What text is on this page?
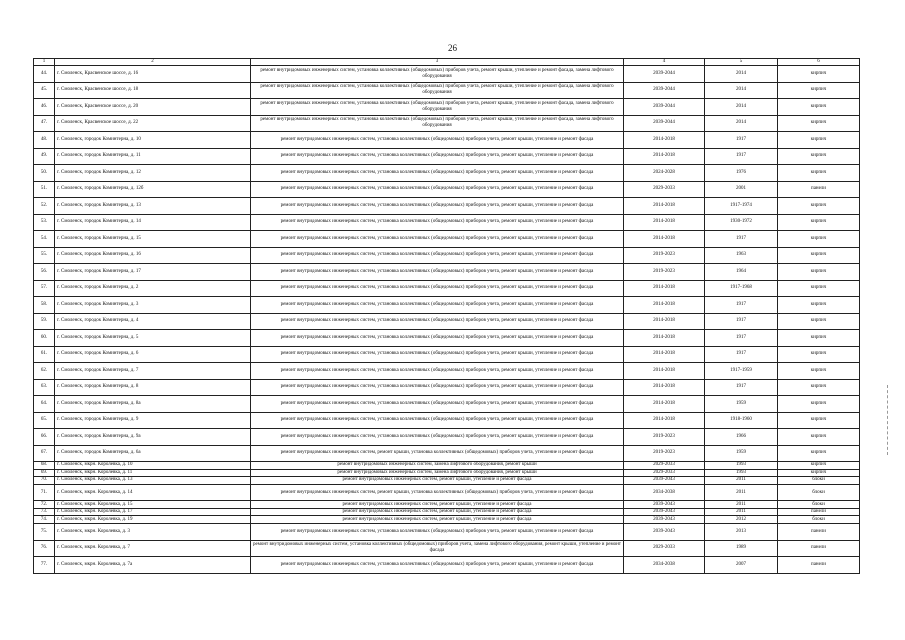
26
1	2	3	4	5	6
44.	г. Смоленск, Красвенское шоссе, д. 16	ремонт внутридомовых инженерных систем, установка коллективных (общедомовых) приборов учета, ремонт крыши, утепление и ремонт фасада, замена лифтового оборудования	2039-2044	2014	кирпич
45.	г. Смоленск, Красвенское шоссе, д. 18	ремонт внутридомовых инженерных систем, установка коллективных (общедомовых) приборов учета, ремонт крыши, утепление и ремонт фасада, замена лифтового оборудования	2039-2044	2014	кирпич
46.	г. Смоленск, Красвенское шоссе, д. 20	ремонт внутридомовых инженерных систем, установка коллективных (общедомовых) приборов учета, ремонт крыши, утепление и ремонт фасада, замена лифтового оборудования	2039-2044	2014	кирпич
47.	г. Смоленск, Красвенское шоссе, д. 22	ремонт внутридомовых инженерных систем, установка коллективных (общедомовых) приборов учета, ремонт крыши, утепление и ремонт фасада, замена лифтового оборудования	2039-2044	2014	кирпич
48.	г. Смоленск, городок Коминтерна, д. 10	ремонт внутридомовых инженерных систем, установка коллективных (общедомовых) приборов учета, ремонт крыши, утепление и ремонт фасада	2014-2018	1917	кирпич
49.	г. Смоленск, городок Коминтерна, д. 11	ремонт внутридомовых инженерных систем, установка коллективных (общедомовых) приборов учета, ремонт крыши, утепление и ремонт фасада	2014-2018	1917	кирпич
50.	г. Смоленск, городок Коминтерна, д. 12	ремонт внутридомовых инженерных систем, установка коллективных (общедомовых) приборов учета, ремонт крыши, утепление и ремонт фасада	2024-2028	1976	кирпич
51.	г. Смоленск, городок Коминтерна, д. 12б	ремонт внутридомовых инженерных систем, установка коллективных (общедомовых) приборов учета, ремонт крыши, утепление и ремонт фасада	2029-2033	2001	панели
52.	г. Смоленск, городок Коминтерна, д. 13	ремонт внутридомовых инженерных систем, установка коллективных (общедомовых) приборов учета, ремонт крыши, утепление и ремонт фасада	2014-2018	1917-1974	кирпич
53.	г. Смоленск, городок Коминтерна, д. 14	ремонт внутридомовых инженерных систем, установка коллективных (общедомовых) приборов учета, ремонт крыши, утепление и ремонт фасада	2014-2018	1930-1972	кирпич
54.	г. Смоленск, городок Коминтерна, д. 15	ремонт внутридомовых инженерных систем, установка коллективных (общедомовых) приборов учета, ремонт крыши, утепление и ремонт фасада	2014-2018	1917	кирпич
55.	г. Смоленск, городок Коминтерна, д. 16	ремонт внутридомовых инженерных систем, установка коллективных (общедомовых) приборов учета, ремонт крыши, утепление и ремонт фасада	2019-2023	1963	кирпич
56.	г. Смоленск, городок Коминтерна, д. 17	ремонт внутридомовых инженерных систем, установка коллективных (общедомовых) приборов учета, ремонт крыши, утепление и ремонт фасада	2019-2023	1964	кирпич
57.	г. Смоленск, городок Коминтерна, д. 2	ремонт внутридомовых инженерных систем, установка коллективных (общедомовых) приборов учета, ремонт крыши, утепление и ремонт фасада	2014-2018	1917-1968	кирпич
58.	г. Смоленск, городок Коминтерна, д. 3	ремонт внутридомовых инженерных систем, установка коллективных (общедомовых) приборов учета, ремонт крыши, утепление и ремонт фасада	2014-2018	1917	кирпич
59.	г. Смоленск, городок Коминтерна, д. 4	ремонт внутридомовых инженерных систем, установка коллективных (общедомовых) приборов учета, ремонт крыши, утепление и ремонт фасада	2014-2018	1917	кирпич
60.	г. Смоленск, городок Коминтерна, д. 5	ремонт внутридомовых инженерных систем, установка коллективных (общедомовых) приборов учета, ремонт крыши, утепление и ремонт фасада	2014-2018	1917	кирпич
61.	г. Смоленск, городок Коминтерна, д. 6	ремонт внутридомовых инженерных систем, установка коллективных (общедомовых) приборов учета, ремонт крыши, утепление и ремонт фасада	2014-2018	1917	кирпич
62.	г. Смоленск, городок Коминтерна, д. 7	ремонт внутридомовых инженерных систем, установка коллективных (общедомовых) приборов учета, ремонт крыши, утепление и ремонт фасада	2014-2018	1917-1959	кирпич
63.	г. Смоленск, городок Коминтерна, д. 8	ремонт внутридомовых инженерных систем, установка коллективных (общедомовых) приборов учета, ремонт крыши, утепление и ремонт фасада	2014-2018	1917	кирпич
64.	г. Смоленск, городок Коминтерна, д. 8а	ремонт внутридомовых инженерных систем, установка коллективных (общедомовых) приборов учета, ремонт крыши, утепление и ремонт фасада	2014-2018	1959	кирпич
65.	г. Смоленск, городок Коминтерна, д. 9	ремонт внутридомовых инженерных систем, установка коллективных (общедомовых) приборов учета, ремонт крыши, утепление и ремонт фасада	2014-2018	1918-1960	кирпич
66.	г. Смоленск, городок Коминтерна, д. 9а	ремонт внутридомовых инженерных систем, установка коллективных (общедомовых) приборов учета, ремонт крыши, утепление и ремонт фасада	2019-2023	1966	кирпич
67.	г. Смоленск, городок Коминтерна, д. 6а	ремонт внутридомовых инженерных систем, ремонт крыши, установка коллективных (общедомовых) приборов учета, утепление и ремонт фасада	2019-2023	1959	кирпич
68.	г. Смоленск, мкрн. Королевка, д. 10	ремонт внутридомовых инженерных систем, замена лифтового оборудования, ремонт крыши	2029-2033	1993	кирпич
69.	г. Смоленск, мкрн. Королевка, д. 11	ремонт внутридомовых инженерных систем, замена лифтового оборудования, ремонт крыши	2029-2033	1993	кирпич
70.	г. Смоленск, мкрн. Королевка, д. 13	ремонт внутридомовых инженерных систем, ремонт крыши, утепление и ремонт фасада	2039-2043	2011	блоки
71.	г. Смоленск, мкрн. Королевка, д. 14	ремонт внутридомовых инженерных систем, ремонт крыши, установка коллективных (общедомовых) приборов учета, утепление и ремонт фасада	2034-2038	2011	блоки
72.	г. Смоленск, мкрн. Королевка, д. 15	ремонт внутридомовых инженерных систем, ремонт крыши, утепление и ремонт фасада	2039-2043	2011	блоки
73.	г. Смоленск, мкрн. Королевка, д. 17	ремонт внутридомовых инженерных систем, ремонт крыши, утепление и ремонт фасада	2039-2043	2011	панели
74.	г. Смоленск, мкрн. Королевка, д. 19	ремонт внутридомовых инженерных систем, ремонт крыши, утепление и ремонт фасада	2039-2043	2012	блоки
75.	г. Смоленск, мкрн. Королевка, д. 3	ремонт внутридомовых инженерных систем, установка коллективных (общедомовых) приборов учета, ремонт крыши, утепление и ремонт фасада	2039-2043	2013	панели
76.	г. Смоленск, мкрн. Королевка, д. 7	ремонт внутридомовых инженерных систем, установка коллективных (общедомовых) приборов учета, замена лифтового оборудования, ремонт крыши, утепление и ремонт фасада	2029-2033	1989	панели
77.	г. Смоленск, мкрн. Королевка, д. 7а	ремонт внутридомовых инженерных систем, установка коллективных (общедомовых) приборов учета, ремонт крыши, утепление и ремонт фасада	2034-2038	2007	панели
